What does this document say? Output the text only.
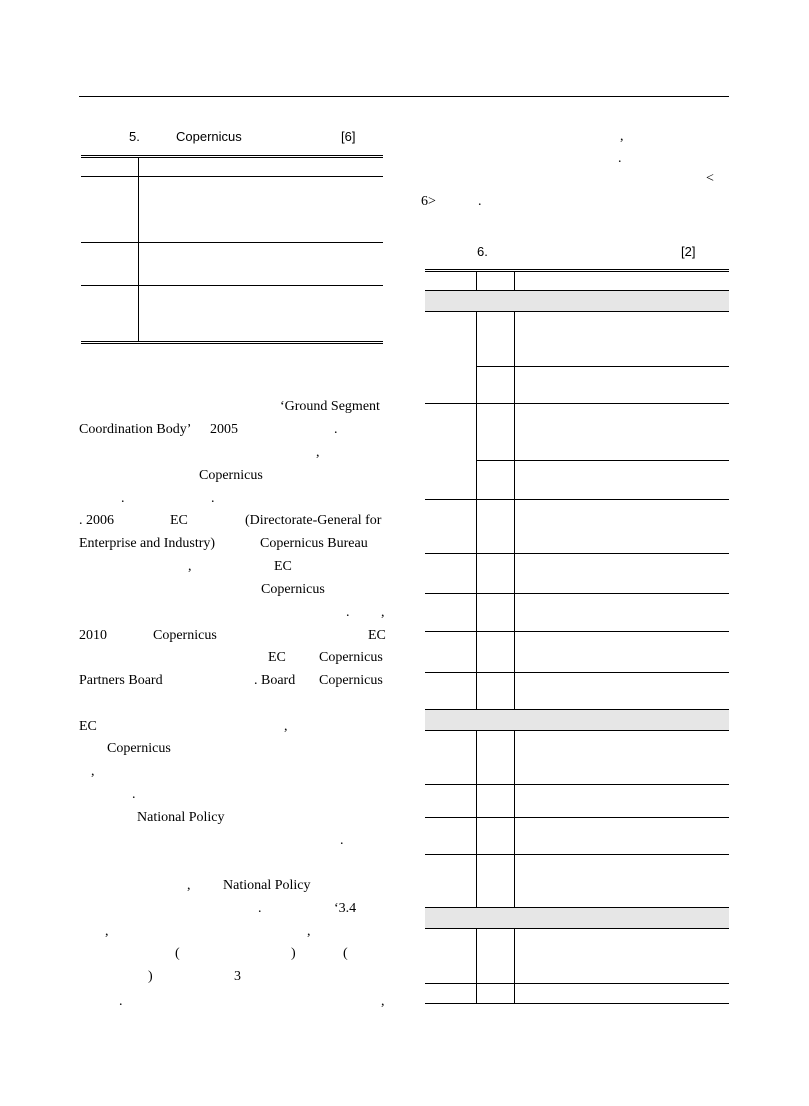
5.	Copernicus	[6]
‘Ground Segment
Coordination Body’ 2005	.
,
Copernicus
.	.
. 2006	EC	(Directorate-General for
Enterprise and Industry)	Copernicus Bureau
,	EC
Copernicus
. ,
2010	Copernicus	EC
EC Copernicus
Partners Board	. Board Copernicus
EC	,
Copernicus
,
.
National Policy
.
, National Policy
.	‘3.4
,	,
(	)	(
)	3
.	,
,
.
<
6>	.
6.	[2]
